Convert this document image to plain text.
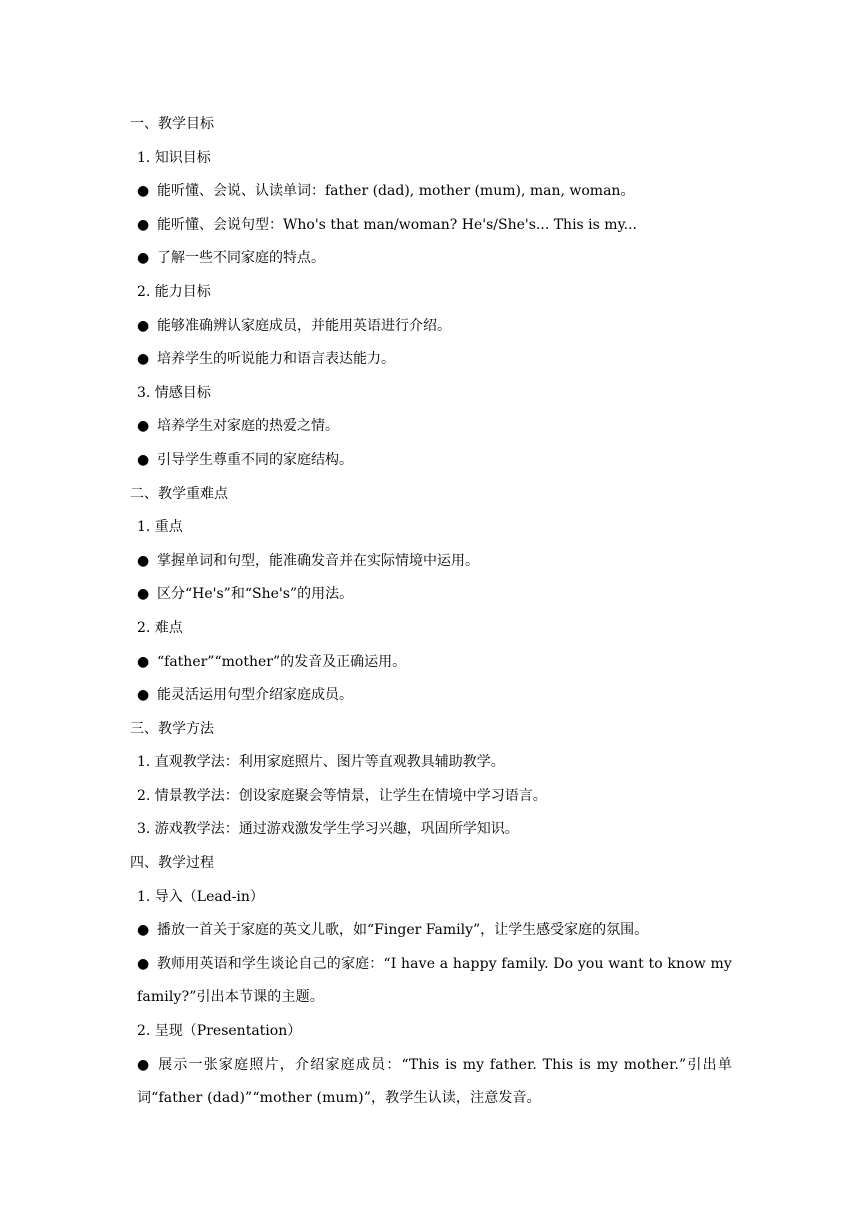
一、教学目标
1. 知识目标
● 能听懂、会说、认读单词：father (dad), mother (mum), man, woman。
● 能听懂、会说句型：Who's that man/woman? He's/She's... This is my...
● 了解一些不同家庭的特点。
2. 能力目标
● 能够准确辨认家庭成员，并能用英语进行介绍。
● 培养学生的听说能力和语言表达能力。
3. 情感目标
● 培养学生对家庭的热爱之情。
● 引导学生尊重不同的家庭结构。
二、教学重难点
1. 重点
● 掌握单词和句型，能准确发音并在实际情境中运用。
● 区分“He's”和“She's”的用法。
2. 难点
● “father”“mother”的发音及正确运用。
● 能灵活运用句型介绍家庭成员。
三、教学方法
1. 直观教学法：利用家庭照片、图片等直观教具辅助教学。
2. 情景教学法：创设家庭聚会等情景，让学生在情境中学习语言。
3. 游戏教学法：通过游戏激发学生学习兴趣，巩固所学知识。
四、教学过程
1. 导入（Lead-in）
● 播放一首关于家庭的英文儿歌，如“Finger Family”，让学生感受家庭的氛围。
● 教师用英语和学生谈论自己的家庭：“I have a happy family. Do you want to know my family?”引出本节课的主题。
2. 呈现（Presentation）
● 展示一张家庭照片，介绍家庭成员：“This is my father. This is my mother.”引出单词“father (dad)”“mother (mum)”，教学生认读，注意发音。
